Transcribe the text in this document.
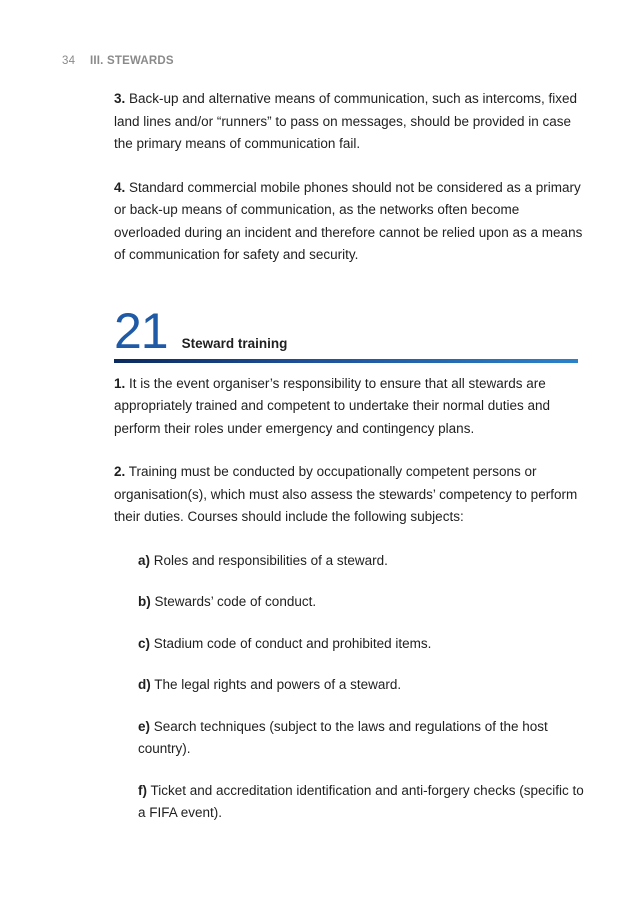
34 III. STEWARDS

3. Back-up and alternative means of communication, such as intercoms, fixed land lines and/or “runners” to pass on messages, should be provided in case the primary means of communication fail.

4. Standard commercial mobile phones should not be considered as a primary or back-up means of communication, as the networks often become overloaded during an incident and therefore cannot be relied upon as a means of communication for safety and security.

21 Steward training

1. It is the event organiser’s responsibility to ensure that all stewards are appropriately trained and competent to undertake their normal duties and perform their roles under emergency and contingency plans.

2. Training must be conducted by occupationally competent persons or organisation(s), which must also assess the stewards’ competency to perform their duties. Courses should include the following subjects:

a) Roles and responsibilities of a steward.

b) Stewards’ code of conduct.

c) Stadium code of conduct and prohibited items.

d) The legal rights and powers of a steward.

e) Search techniques (subject to the laws and regulations of the host country).

f) Ticket and accreditation identification and anti-forgery checks (specific to a FIFA event).
